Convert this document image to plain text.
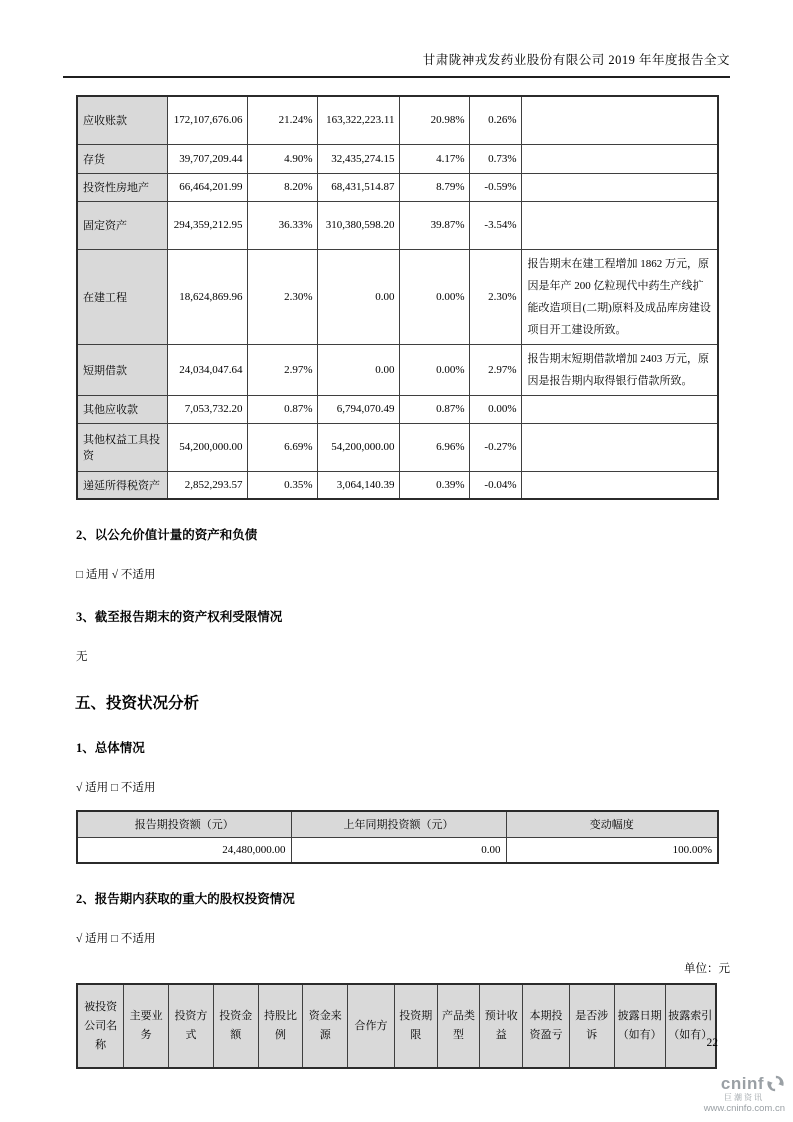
甘肃陇神戎发药业股份有限公司 2019 年年度报告全文
应收账款	172,107,676.06	21.24%	163,322,223.11	20.98%	0.26%	
存货	39,707,209.44	4.90%	32,435,274.15	4.17%	0.73%	
投资性房地产	66,464,201.99	8.20%	68,431,514.87	8.79%	-0.59%	
固定资产	294,359,212.95	36.33%	310,380,598.20	39.87%	-3.54%	
在建工程	18,624,869.96	2.30%	0.00	0.00%	2.30%	报告期末在建工程增加 1862 万元，原因是年产 200 亿粒现代中药生产线扩能改造项目(二期)原料及成品库房建设项目开工建设所致。
短期借款	24,034,047.64	2.97%	0.00	0.00%	2.97%	报告期末短期借款增加 2403 万元，原因是报告期内取得银行借款所致。
其他应收款	7,053,732.20	0.87%	6,794,070.49	0.87%	0.00%	
其他权益工具投资	54,200,000.00	6.69%	54,200,000.00	6.96%	-0.27%	
递延所得税资产	2,852,293.57	0.35%	3,064,140.39	0.39%	-0.04%	
2、以公允价值计量的资产和负债
□ 适用 √ 不适用
3、截至报告期末的资产权利受限情况
无
五、投资状况分析
1、总体情况
√ 适用 □ 不适用
报告期投资额（元）	上年同期投资额（元）	变动幅度
24,480,000.00	0.00	100.00%
2、报告期内获取的重大的股权投资情况
√ 适用 □ 不适用
单位：元
被投资公司名称	主要业务	投资方式	投资金额	持股比例	资金来源	合作方	投资期限	产品类型	预计收益	本期投资盈亏	是否涉诉	披露日期（如有）	披露索引（如有）
22
cninf
巨潮资讯
www.cninfo.com.cn
